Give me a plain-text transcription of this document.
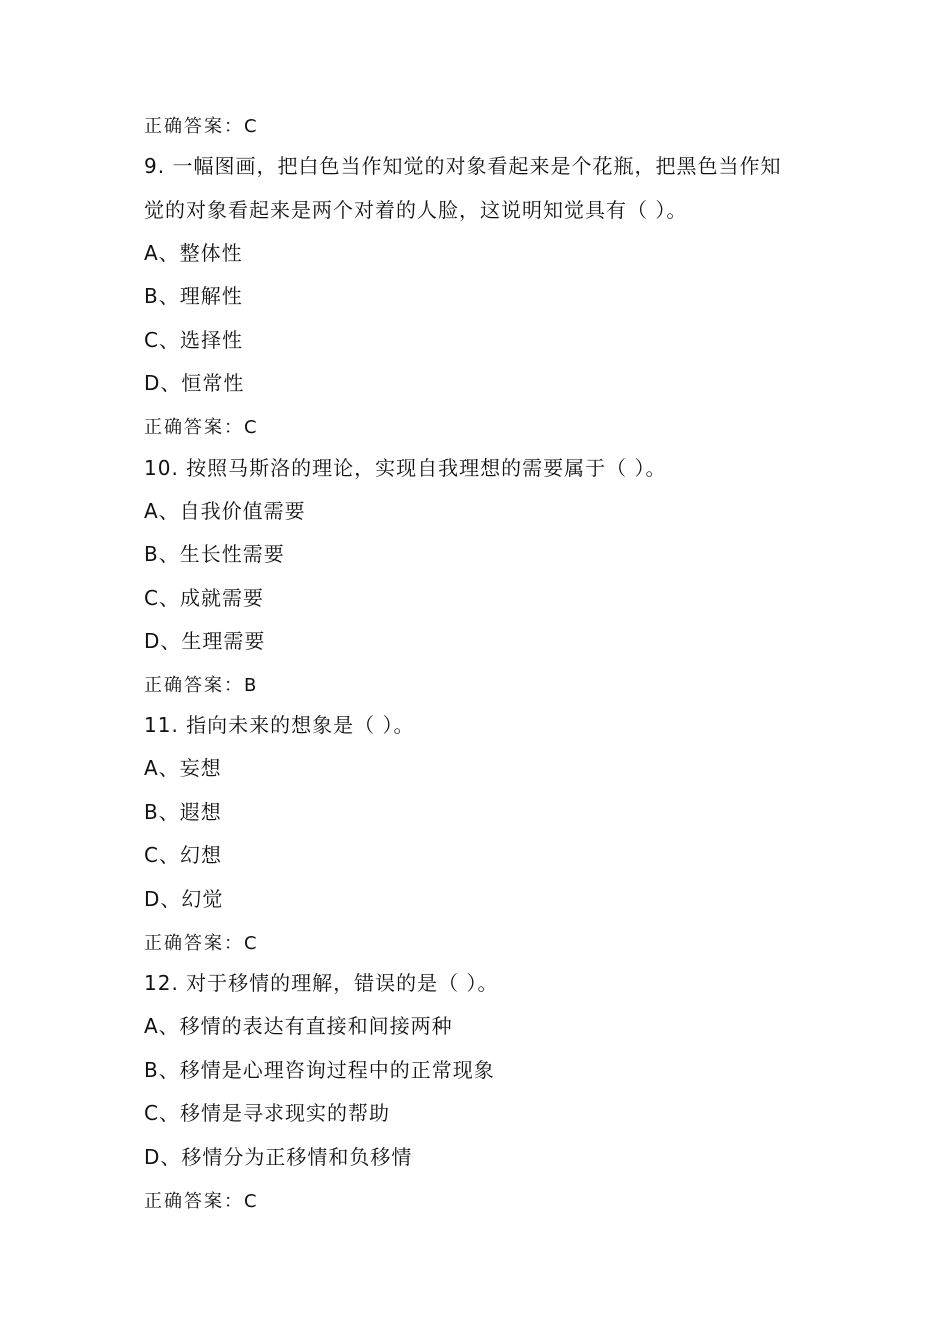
正确答案：C
9. 一幅图画，把白色当作知觉的对象看起来是个花瓶，把黑色当作知
觉的对象看起来是两个对着的人脸，这说明知觉具有（ ）。
A、整体性
B、理解性
C、选择性
D、恒常性
正确答案：C
10. 按照马斯洛的理论，实现自我理想的需要属于（ ）。
A、自我价值需要
B、生长性需要
C、成就需要
D、生理需要
正确答案：B
11. 指向未来的想象是（ ）。
A、妄想
B、遐想
C、幻想
D、幻觉
正确答案：C
12. 对于移情的理解，错误的是（ ）。
A、移情的表达有直接和间接两种
B、移情是心理咨询过程中的正常现象
C、移情是寻求现实的帮助
D、移情分为正移情和负移情
正确答案：C
